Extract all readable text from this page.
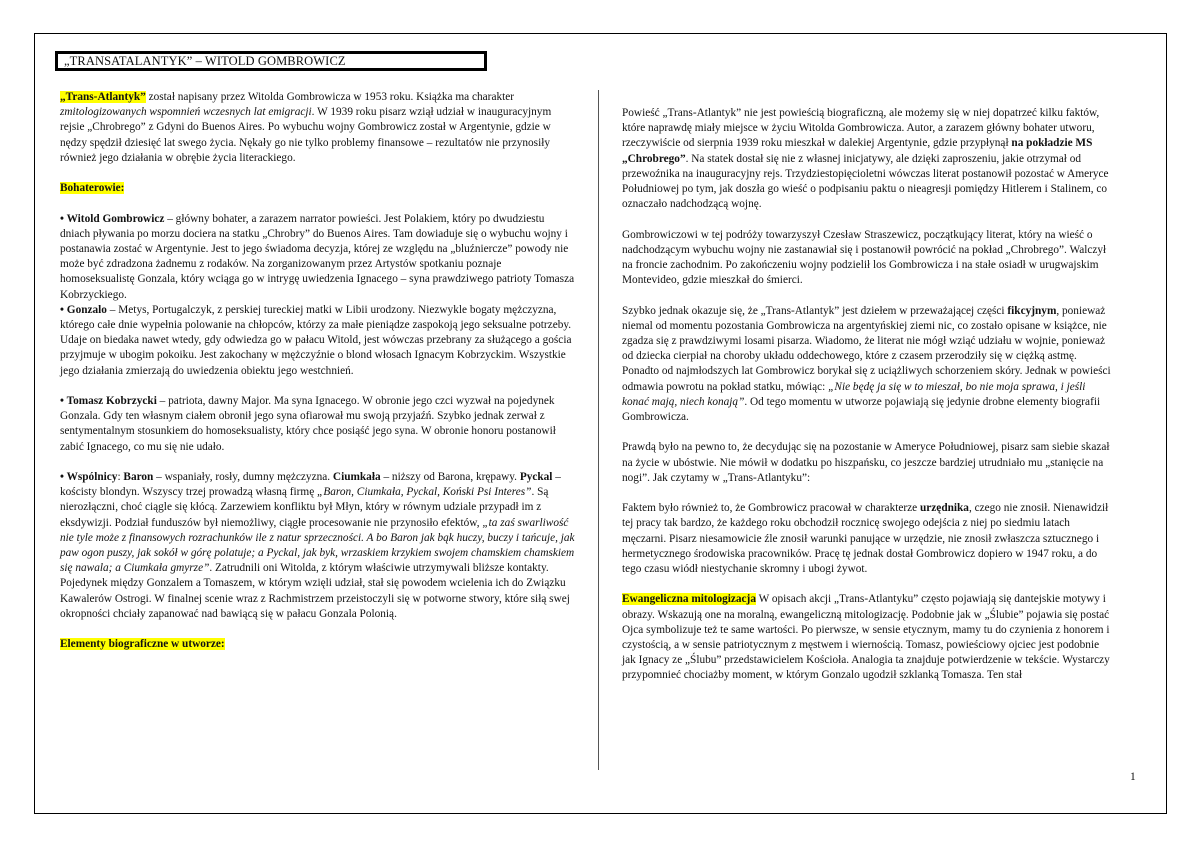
„TRANSATALANTYK” – WITOLD GOMBROWICZ

„Trans-Atlantyk” został napisany przez Witolda Gombrowicza w 1953 roku. Książka ma charakter zmitologizowanych wspomnień wczesnych lat emigracji. W 1939 roku pisarz wziął udział w inauguracyjnym rejsie „Chrobrego” z Gdyni do Buenos Aires. Po wybuchu wojny Gombrowicz został w Argentynie, gdzie w nędzy spędził dziesięć lat swego życia. Nękały go nie tylko problemy finansowe – rezultatów nie przynosiły również jego działania w obrębie życia literackiego.

Bohaterowie:

• Witold Gombrowicz – główny bohater, a zarazem narrator powieści. Jest Polakiem, który po dwudziestu dniach pływania po morzu dociera na statku „Chrobry” do Buenos Aires. Tam dowiaduje się o wybuchu wojny i postanawia zostać w Argentynie. Jest to jego świadoma decyzja, której ze względu na „bluźniercze” powody nie może być zdradzona żadnemu z rodaków. Na zorganizowanym przez Artystów spotkaniu poznaje homoseksualistę Gonzala, który wciąga go w intrygę uwiedzenia Ignacego – syna prawdziwego patrioty Tomasza Kobrzyckiego.

• Gonzalo – Metys, Portugalczyk, z perskiej tureckiej matki w Libii urodzony. Niezwykle bogaty mężczyzna, którego całe dnie wypełnia polowanie na chłopców, którzy za małe pieniądze zaspokoją jego seksualne potrzeby. Udaje on biedaka nawet wtedy, gdy odwiedza go w pałacu Witold, jest wówczas przebrany za służącego a gościa przyjmuje w ubogim pokoiku. Jest zakochany w mężczyźnie o blond włosach Ignacym Kobrzyckim. Wszystkie jego działania zmierzają do uwiedzenia obiektu jego westchnień.

• Tomasz Kobrzycki – patriota, dawny Major. Ma syna Ignacego. W obronie jego czci wyzwał na pojedynek Gonzala. Gdy ten własnym ciałem obronił jego syna ofiarował mu swoją przyjaźń. Szybko jednak zerwał z sentymentalnym stosunkiem do homoseksualisty, który chce posiąść jego syna. W obronie honoru postanowił zabić Ignacego, co mu się nie udało.

• Wspólnicy: Baron – wspaniały, rosły, dumny mężczyzna. Ciumkała – niższy od Barona, krępawy. Pyckal – kościsty blondyn. Wszyscy trzej prowadzą własną firmę „Baron, Ciumkała, Pyckal, Koński Psi Interes”. Są nierozłączni, choć ciągle się kłócą. Zarzewiem konfliktu był Młyn, który w równym udziale przypadł im z eksdywizji. Podział funduszów był niemożliwy, ciągłe procesowanie nie przynosiło efektów, „ta zaś swarliwość nie tyle może z finansowych rozrachunków ile z natur sprzeczności. A bo Baron jak bąk huczy, buczy i tańcuje, jak paw ogon puszy, jak sokół w górę polatuje; a Pyckal, jak byk, wrzaskiem krzykiem swojem chamskiem chamskiem się nawala; a Ciumkała gmyrze”. Zatrudnili oni Witolda, z którym właściwie utrzymywali bliższe kontakty. Pojedynek między Gonzalem a Tomaszem, w którym wzięli udział, stał się powodem wcielenia ich do Związku Kawalerów Ostrogi. W finalnej scenie wraz z Rachmistrzem przeistoczyli się w potworne stwory, które siłą swej okropności chciały zapanować nad bawiącą się w pałacu Gonzala Polonią.

Elementy biograficzne w utworze:

Powieść „Trans-Atlantyk” nie jest powieścią biograficzną, ale możemy się w niej dopatrzeć kilku faktów, które naprawdę miały miejsce w życiu Witolda Gombrowicza. Autor, a zarazem główny bohater utworu, rzeczywiście od sierpnia 1939 roku mieszkał w dalekiej Argentynie, gdzie przypłynął na pokładzie MS „Chrobrego”. Na statek dostał się nie z własnej inicjatywy, ale dzięki zaproszeniu, jakie otrzymał od przewoźnika na inauguracyjny rejs. Trzydziestopięcioletni wówczas literat postanowił pozostać w Ameryce Południowej po tym, jak doszła go wieść o podpisaniu paktu o nieagresji pomiędzy Hitlerem i Stalinem, co oznaczało nadchodzącą wojnę.

Gombrowiczowi w tej podróży towarzyszył Czesław Straszewicz, początkujący literat, który na wieść o nadchodzącym wybuchu wojny nie zastanawiał się i postanowił powrócić na pokład „Chrobrego”. Walczył na froncie zachodnim. Po zakończeniu wojny podzielił los Gombrowicza i na stałe osiadł w urugwajskim Montevideo, gdzie mieszkał do śmierci.

Szybko jednak okazuje się, że „Trans-Atlantyk” jest dziełem w przeważającej części fikcyjnym, ponieważ niemal od momentu pozostania Gombrowicza na argentyńskiej ziemi nic, co zostało opisane w książce, nie zgadza się z prawdziwymi losami pisarza. Wiadomo, że literat nie mógł wziąć udziału w wojnie, ponieważ od dziecka cierpiał na choroby układu oddechowego, które z czasem przerodziły się w ciężką astmę. Ponadto od najmłodszych lat Gombrowicz borykał się z uciążliwych schorzeniem skóry. Jednak w powieści odmawia powrotu na pokład statku, mówiąc: „Nie będę ja się w to mieszał, bo nie moja sprawa, i jeśli konać mają, niech konają”. Od tego momentu w utworze pojawiają się jedynie drobne elementy biografii Gombrowicza.

Prawdą było na pewno to, że decydując się na pozostanie w Ameryce Południowej, pisarz sam siebie skazał na życie w ubóstwie. Nie mówił w dodatku po hiszpańsku, co jeszcze bardziej utrudniało mu „stanięcie na nogi”. Jak czytamy w „Trans-Atlantyku”:

Faktem było również to, że Gombrowicz pracował w charakterze urzędnika, czego nie znosił. Nienawidził tej pracy tak bardzo, że każdego roku obchodził rocznicę swojego odejścia z niej po siedmiu latach męczarni. Pisarz niesamowicie źle znosił warunki panujące w urzędzie, nie znosił zwłaszcza sztucznego i hermetycznego środowiska pracowników. Pracę tę jednak dostał Gombrowicz dopiero w 1947 roku, a do tego czasu wiódł niestychanie skromny i ubogi żywot.

Ewangeliczna mitologizacja W opisach akcji „Trans-Atlantyku” często pojawiają się dantejskie motywy i obrazy. Wskazują one na moralną, ewangeliczną mitologizację. Podobnie jak w „Ślubie” pojawia się postać Ojca symbolizuje też te same wartości. Po pierwsze, w sensie etycznym, mamy tu do czynienia z honorem i czystością, a w sensie patriotycznym z męstwem i wiernością. Tomasz, powieściowy ojciec jest podobnie jak Ignacy ze „Ślubu” przedstawicielem Kościoła. Analogia ta znajduje potwierdzenie w tekście. Wystarczy przypomnieć chociażby moment, w którym Gonzalo ugodził szklanką Tomasza. Ten stał

1
